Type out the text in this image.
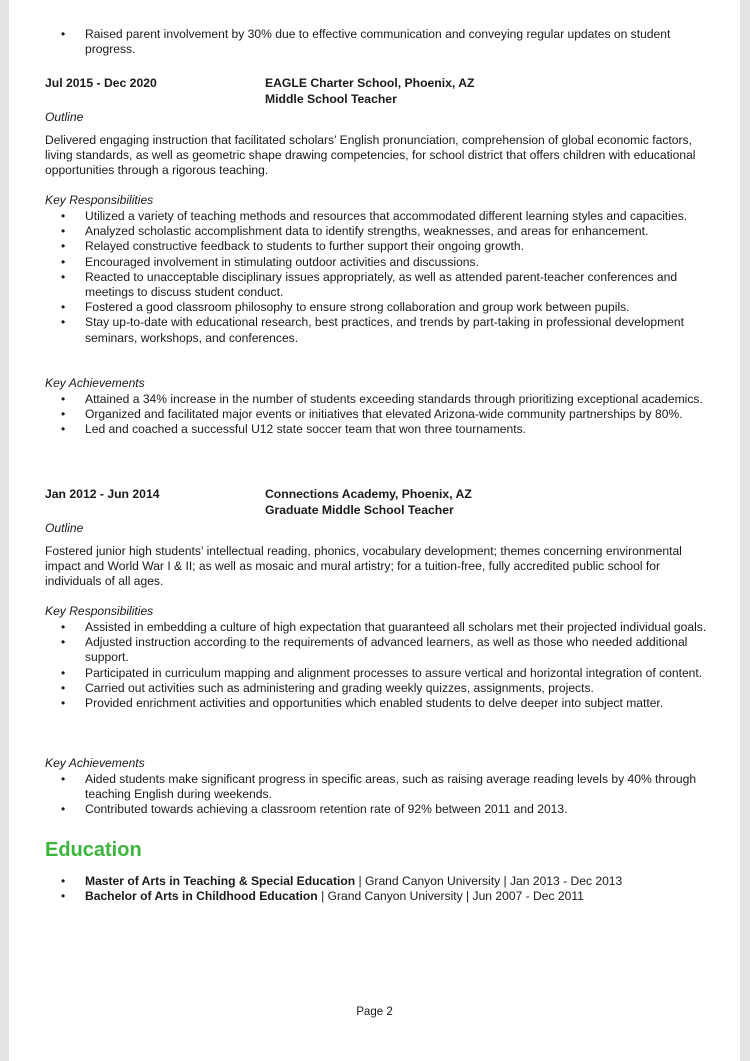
• Raised parent involvement by 30% due to effective communication and conveying regular updates on student progress.
Jul 2015 - Dec 2020	EAGLE Charter School, Phoenix, AZ
Middle School Teacher
Outline

Delivered engaging instruction that facilitated scholars’ English pronunciation, comprehension of global economic factors, living standards, as well as geometric shape drawing competencies, for school district that offers children with educational opportunities through a rigorous teaching.

Key Responsibilities
• Utilized a variety of teaching methods and resources that accommodated different learning styles and capacities.
• Analyzed scholastic accomplishment data to identify strengths, weaknesses, and areas for enhancement.
• Relayed constructive feedback to students to further support their ongoing growth.
• Encouraged involvement in stimulating outdoor activities and discussions.
• Reacted to unacceptable disciplinary issues appropriately, as well as attended parent-teacher conferences and meetings to discuss student conduct.
• Fostered a good classroom philosophy to ensure strong collaboration and group work between pupils.
• Stay up-to-date with educational research, best practices, and trends by part-taking in professional development seminars, workshops, and conferences.
Key Achievements
• Attained a 34% increase in the number of students exceeding standards through prioritizing exceptional academics.
• Organized and facilitated major events or initiatives that elevated Arizona-wide community partnerships by 80%.
• Led and coached a successful U12 state soccer team that won three tournaments.
Jan 2012 - Jun 2014	Connections Academy, Phoenix, AZ
Graduate Middle School Teacher
Outline

Fostered junior high students’ intellectual reading, phonics, vocabulary development; themes concerning environmental impact and World War I & II; as well as mosaic and mural artistry; for a tuition-free, fully accredited public school for individuals of all ages.

Key Responsibilities
• Assisted in embedding a culture of high expectation that guaranteed all scholars met their projected individual goals.
• Adjusted instruction according to the requirements of advanced learners, as well as those who needed additional support.
• Participated in curriculum mapping and alignment processes to assure vertical and horizontal integration of content.
• Carried out activities such as administering and grading weekly quizzes, assignments, projects.
• Provided enrichment activities and opportunities which enabled students to delve deeper into subject matter.
Key Achievements
• Aided students make significant progress in specific areas, such as raising average reading levels by 40% through teaching English during weekends.
• Contributed towards achieving a classroom retention rate of 92% between 2011 and 2013.
Education
• Master of Arts in Teaching & Special Education | Grand Canyon University | Jan 2013 - Dec 2013
• Bachelor of Arts in Childhood Education | Grand Canyon University | Jun 2007 - Dec 2011
Page 2
